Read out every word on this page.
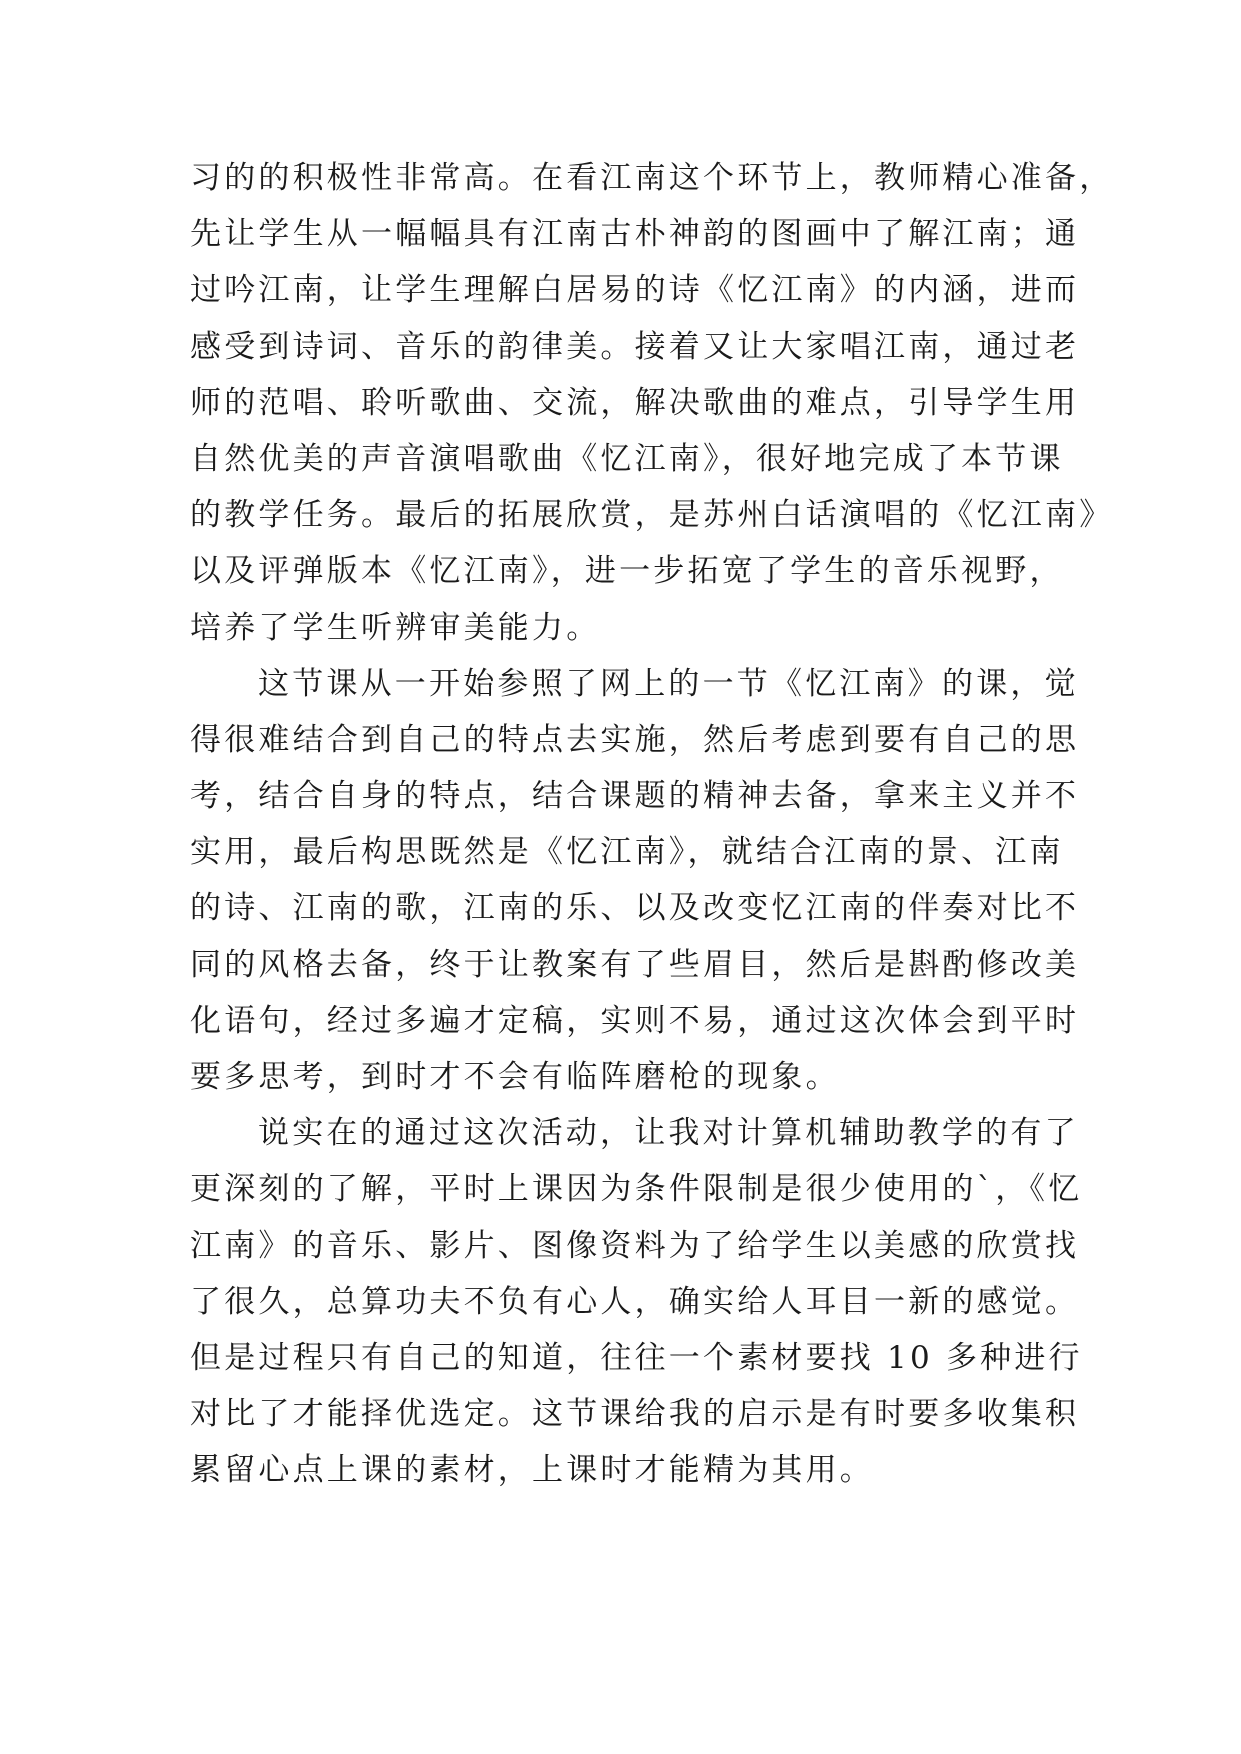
习的的积极性非常高。在看江南这个环节上，教师精心准备，
先让学生从一幅幅具有江南古朴神韵的图画中了解江南；通
过吟江南，让学生理解白居易的诗《忆江南》的内涵，进而
感受到诗词、音乐的韵律美。接着又让大家唱江南，通过老
师的范唱、聆听歌曲、交流，解决歌曲的难点，引导学生用
自然优美的声音演唱歌曲《忆江南》，很好地完成了本节课
的教学任务。最后的拓展欣赏，是苏州白话演唱的《忆江南》
以及评弹版本《忆江南》，进一步拓宽了学生的音乐视野，
培养了学生听辨审美能力。
这节课从一开始参照了网上的一节《忆江南》的课，觉
得很难结合到自己的特点去实施，然后考虑到要有自己的思
考，结合自身的特点，结合课题的精神去备，拿来主义并不
实用，最后构思既然是《忆江南》，就结合江南的景、江南
的诗、江南的歌，江南的乐、以及改变忆江南的伴奏对比不
同的风格去备，终于让教案有了些眉目，然后是斟酌修改美
化语句，经过多遍才定稿，实则不易，通过这次体会到平时
要多思考，到时才不会有临阵磨枪的现象。
说实在的通过这次活动，让我对计算机辅助教学的有了
更深刻的了解，平时上课因为条件限制是很少使用的`，《忆
江南》的音乐、影片、图像资料为了给学生以美感的欣赏找
了很久，总算功夫不负有心人，确实给人耳目一新的感觉。
但是过程只有自己的知道，往往一个素材要找 10 多种进行
对比了才能择优选定。这节课给我的启示是有时要多收集积
累留心点上课的素材，上课时才能精为其用。
